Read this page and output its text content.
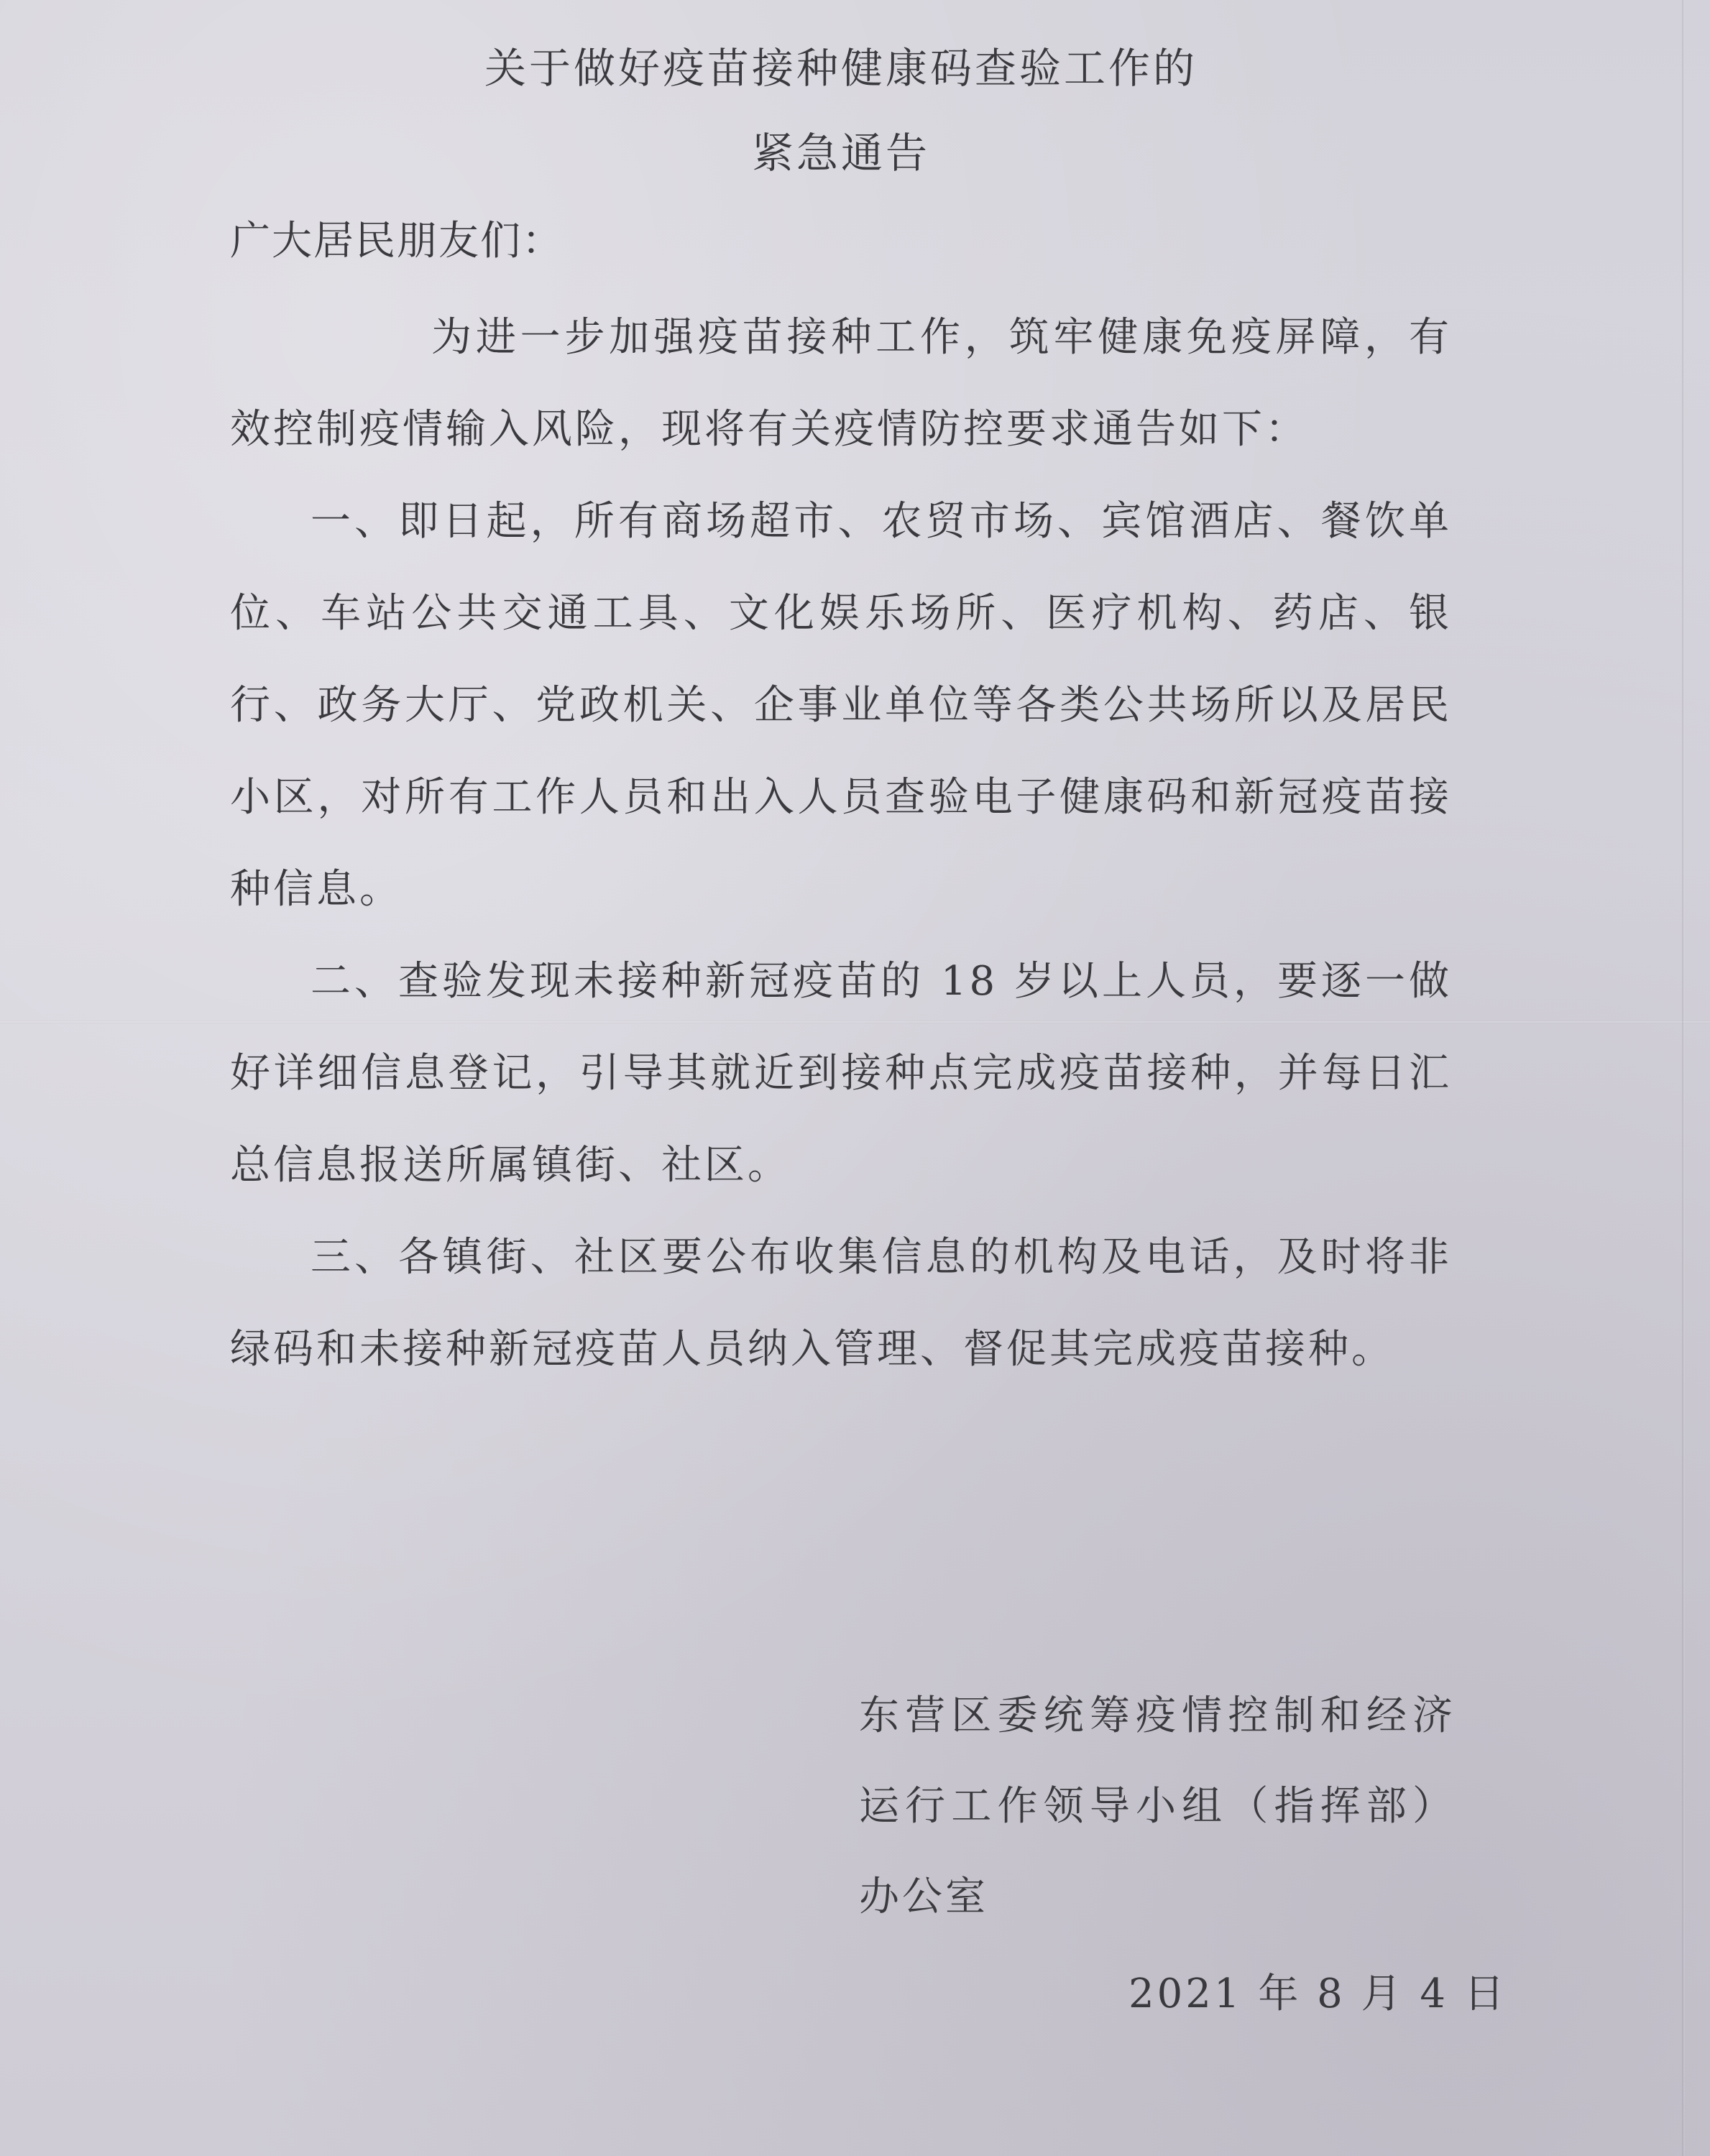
关于做好疫苗接种健康码查验工作的
紧急通告
广大居民朋友们：

为进一步加强疫苗接种工作，筑牢健康免疫屏障，有效控制疫情输入风险，现将有关疫情防控要求通告如下：

一、即日起，所有商场超市、农贸市场、宾馆酒店、餐饮单位、车站公共交通工具、文化娱乐场所、医疗机构、药店、银行、政务大厅、党政机关、企事业单位等各类公共场所以及居民小区，对所有工作人员和出入人员查验电子健康码和新冠疫苗接种信息。

二、查验发现未接种新冠疫苗的 18 岁以上人员，要逐一做好详细信息登记，引导其就近到接种点完成疫苗接种，并每日汇总信息报送所属镇街、社区。

三、各镇街、社区要公布收集信息的机构及电话，及时将非绿码和未接种新冠疫苗人员纳入管理、督促其完成疫苗接种。

东营区委统筹疫情控制和经济运行工作领导小组（指挥部）办公室
2021 年 8 月 4 日
